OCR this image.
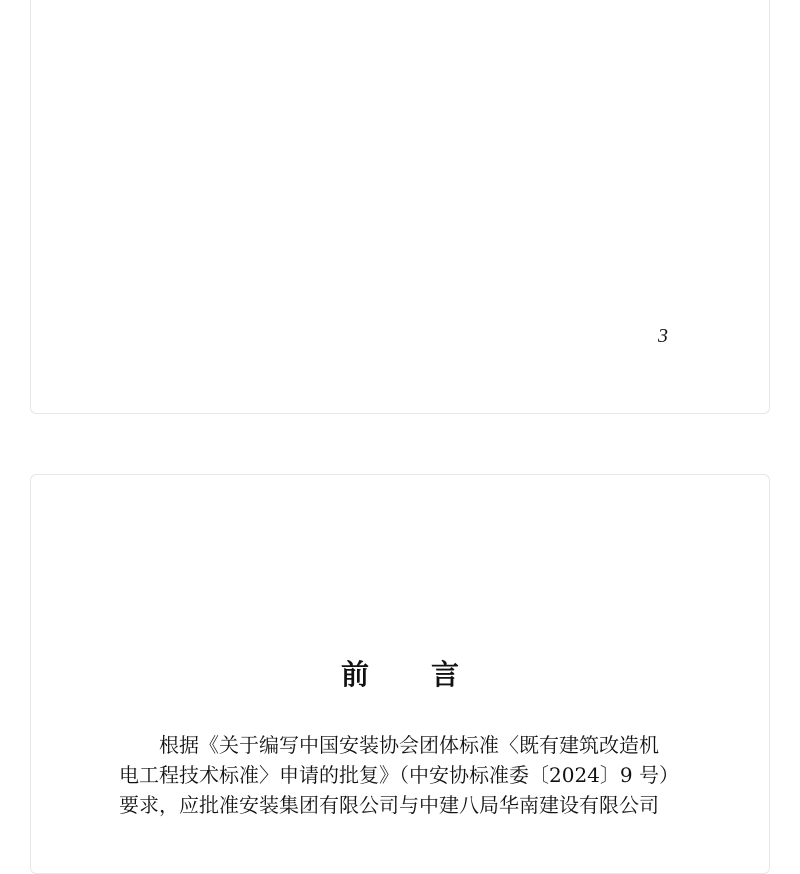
3
前 言
根据《关于编写中国安装协会团体标准〈既有建筑改造机
电工程技术标准〉申请的批复》（中安协标准委〔2024〕9 号）
要求，应批准安装集团有限公司与中建八局华南建设有限公司
